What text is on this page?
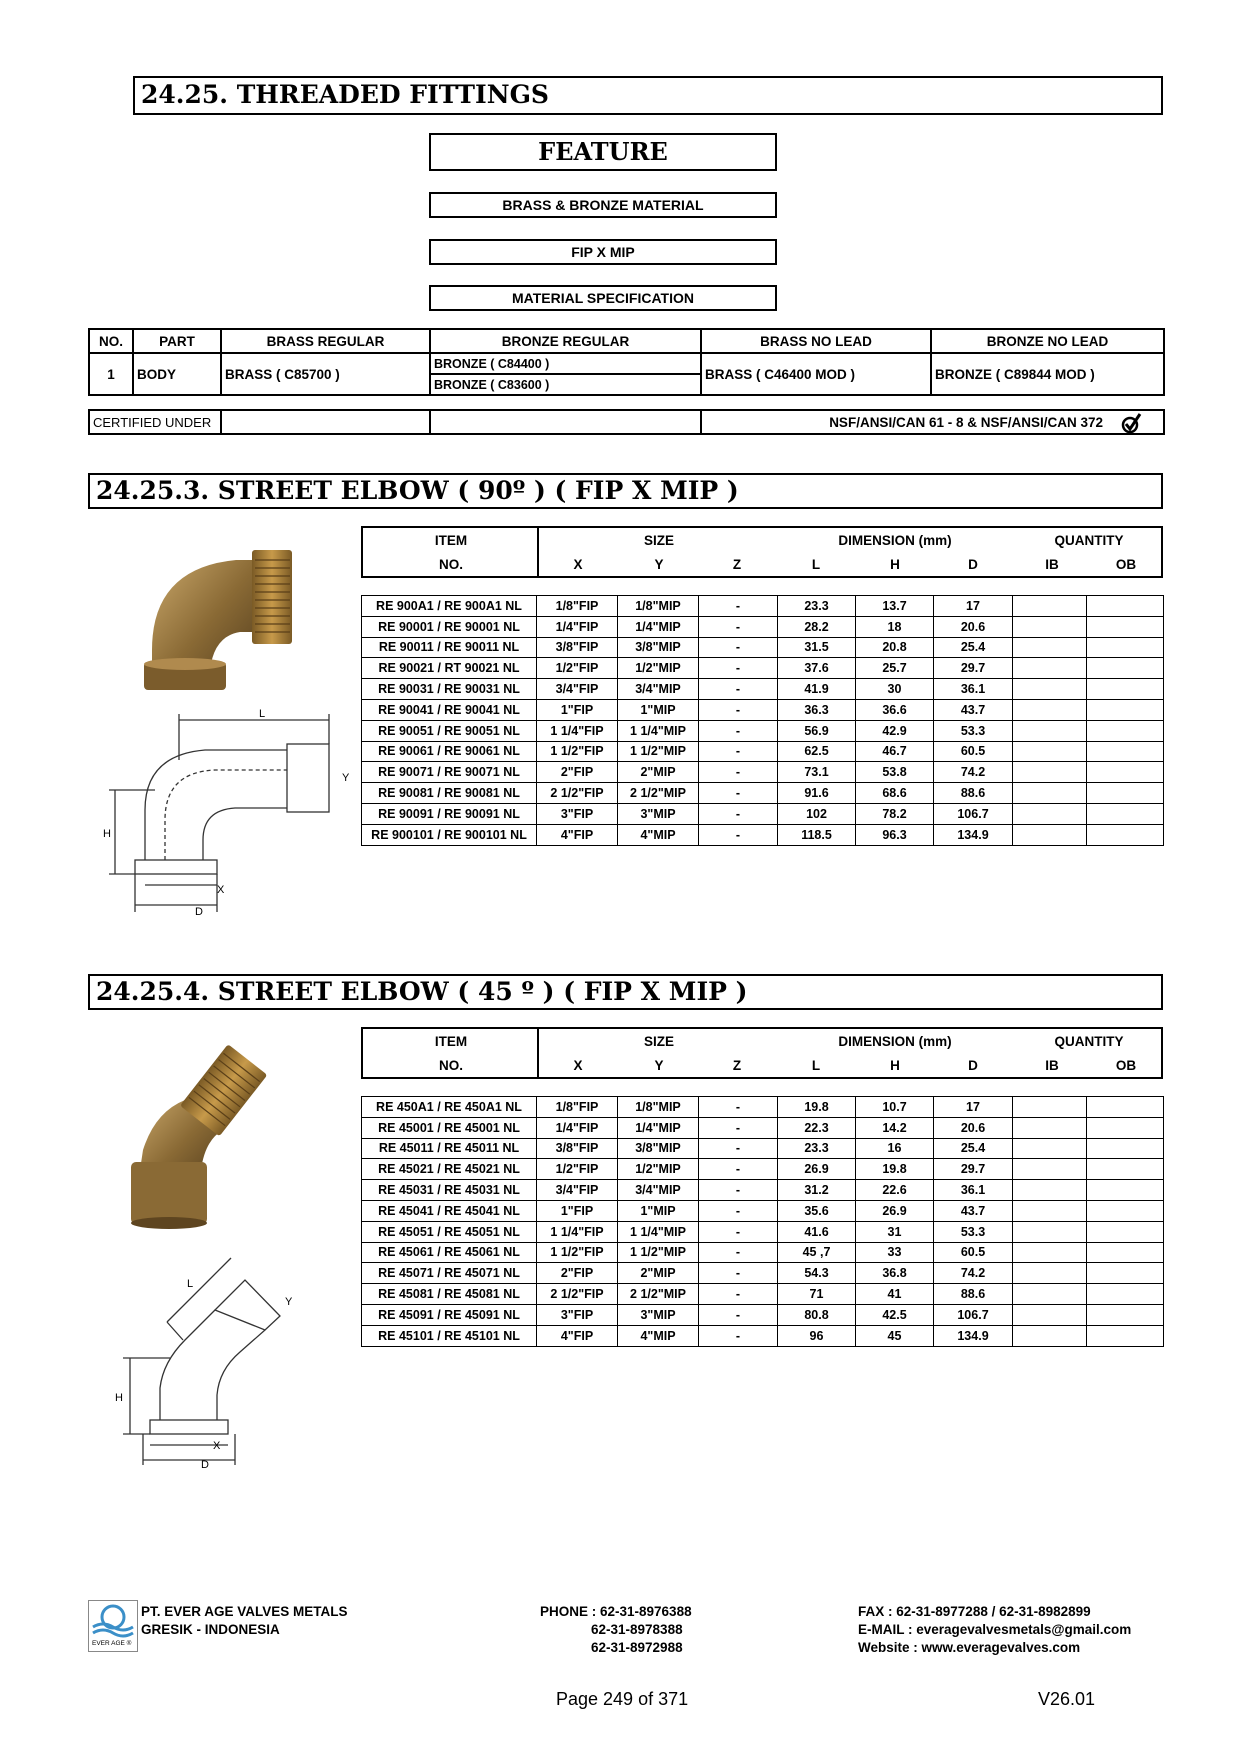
24.25. THREADED FITTINGS
FEATURE
BRASS & BRONZE MATERIAL
FIP X MIP
MATERIAL SPECIFICATION
NO.	PART	BRASS REGULAR	BRONZE REGULAR	BRASS NO LEAD	BRONZE NO LEAD
1	BODY	BRASS ( C85700 )	BRONZE ( C84400 )	BRASS ( C46400 MOD )	BRONZE ( C89844 MOD )
			BRONZE ( C83600 )		
CERTIFIED UNDER			NSF/ANSI/CAN 61 - 8 & NSF/ANSI/CAN 372
24.25.3. STREET ELBOW ( 90º ) ( FIP X MIP )
L
Y
H
X
D
ITEM
NO.
SIZE
X	Y	Z
DIMENSION (mm)
L	H	D
QUANTITY
IB	OB
RE 900A1 / RE 900A1 NL	1/8"FIP	1/8"MIP	-	23.3	13.7	17		
RE 90001 / RE 90001 NL	1/4"FIP	1/4"MIP	-	28.2	18	20.6		
RE 90011 / RE 90011 NL	3/8"FIP	3/8"MIP	-	31.5	20.8	25.4		
RE 90021 / RT 90021 NL	1/2"FIP	1/2"MIP	-	37.6	25.7	29.7		
RE 90031 / RE 90031 NL	3/4"FIP	3/4"MIP	-	41.9	30	36.1		
RE 90041 / RE 90041 NL	1"FIP	1"MIP	-	36.3	36.6	43.7		
RE 90051 / RE 90051 NL	1 1/4"FIP	1 1/4"MIP	-	56.9	42.9	53.3		
RE 90061 / RE 90061 NL	1 1/2"FIP	1 1/2"MIP	-	62.5	46.7	60.5		
RE 90071 / RE 90071 NL	2"FIP	2"MIP	-	73.1	53.8	74.2		
RE 90081 / RE 90081 NL	2 1/2"FIP	2 1/2"MIP	-	91.6	68.6	88.6		
RE 90091 / RE 90091 NL	3"FIP	3"MIP	-	102	78.2	106.7		
RE 900101 / RE 900101 NL	4"FIP	4"MIP	-	118.5	96.3	134.9		
24.25.4. STREET ELBOW ( 45 º ) ( FIP X MIP )
L
Y
H
X
D
ITEM
NO.
SIZE
X	Y	Z
DIMENSION (mm)
L	H	D
QUANTITY
IB	OB
RE 450A1 / RE 450A1 NL	1/8"FIP	1/8"MIP	-	19.8	10.7	17		
RE 45001 / RE 45001 NL	1/4"FIP	1/4"MIP	-	22.3	14.2	20.6		
RE 45011 / RE 45011 NL	3/8"FIP	3/8"MIP	-	23.3	16	25.4		
RE 45021 / RE 45021 NL	1/2"FIP	1/2"MIP	-	26.9	19.8	29.7		
RE 45031 / RE 45031 NL	3/4"FIP	3/4"MIP	-	31.2	22.6	36.1		
RE 45041 / RE 45041 NL	1"FIP	1"MIP	-	35.6	26.9	43.7		
RE 45051 / RE 45051 NL	1 1/4"FIP	1 1/4"MIP	-	41.6	31	53.3		
RE 45061 / RE 45061 NL	1 1/2"FIP	1 1/2"MIP	-	45 ,7	33	60.5		
RE 45071 / RE 45071 NL	2"FIP	2"MIP	-	54.3	36.8	74.2		
RE 45081 / RE 45081 NL	2 1/2"FIP	2 1/2"MIP	-	71	41	88.6		
RE 45091 / RE 45091 NL	3"FIP	3"MIP	-	80.8	42.5	106.7		
RE 45101 / RE 45101 NL	4"FIP	4"MIP	-	96	45	134.9		
EVER AGE ®
PT. EVER AGE VALVES METALS
GRESIK - INDONESIA
PHONE : 62-31-8976388
62-31-8978388
62-31-8972988
FAX : 62-31-8977288 / 62-31-8982899
E-MAIL : everagevalvesmetals@gmail.com
Website : www.everagevalves.com
Page 249 of 371	V26.01
